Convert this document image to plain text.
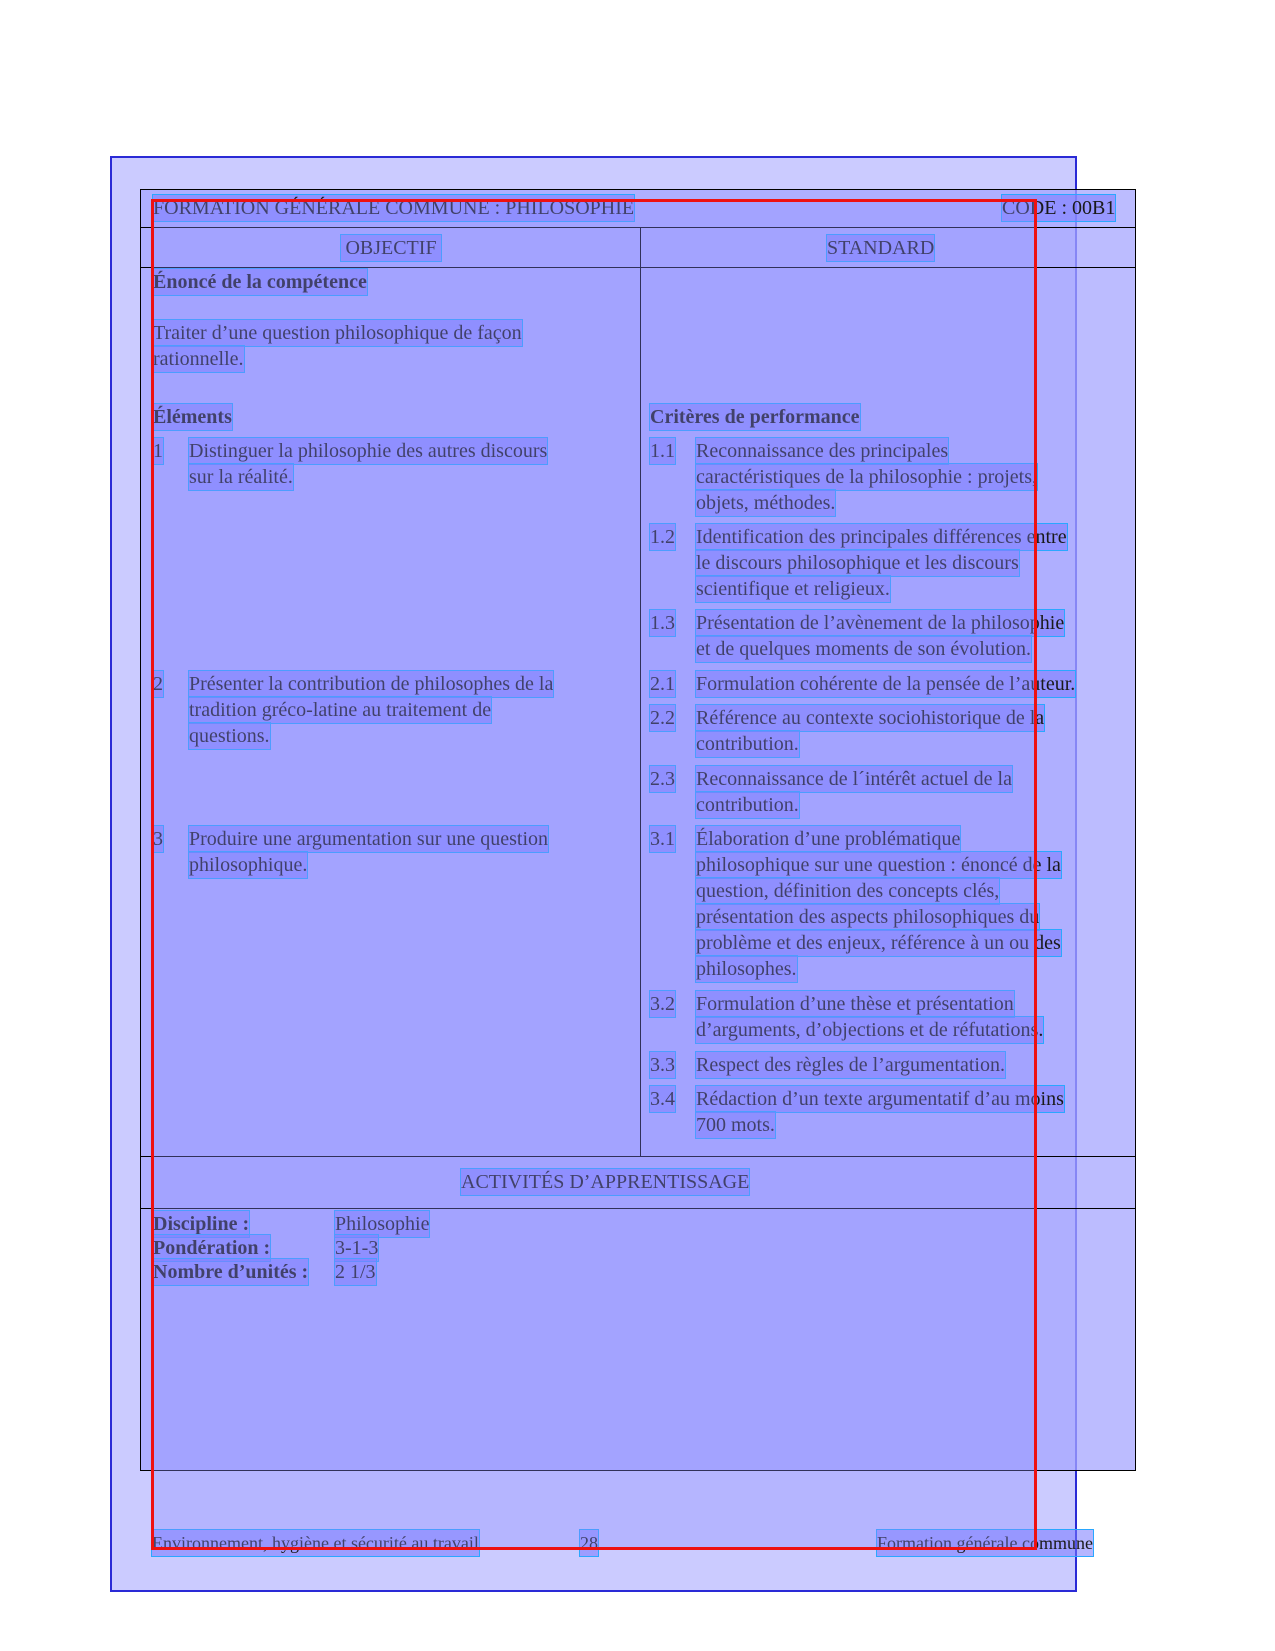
FORMATION GÉNÉRALE COMMUNE : PHILOSOPHIE	CODE : 00B1
OBJECTIF	STANDARD
Énoncé de la compétence
Traiter d’une question philosophique de façon
rationnelle.
Éléments	Critères de performance
1 Distinguer la philosophie des autres discours
sur la réalité.
1.1 Reconnaissance des principales
caractéristiques de la philosophie : projets,
objets, méthodes.
1.2 Identification des principales différences entre
le discours philosophique et les discours
scientifique et religieux.
1.3 Présentation de l’avènement de la philosophie
et de quelques moments de son évolution.
2 Présenter la contribution de philosophes de la
tradition gréco-latine au traitement de
questions.
2.1 Formulation cohérente de la pensée de l’auteur.
2.2 Référence au contexte sociohistorique de la
contribution.
2.3 Reconnaissance de l´intérêt actuel de la
contribution.
3 Produire une argumentation sur une question
philosophique.
3.1 Élaboration d’une problématique
philosophique sur une question : énoncé de la
question, définition des concepts clés,
présentation des aspects philosophiques du
problème et des enjeux, référence à un ou des
philosophes.
3.2 Formulation d’une thèse et présentation
d’arguments, d’objections et de réfutations.
3.3 Respect des règles de l’argumentation.
3.4 Rédaction d’un texte argumentatif d’au moins
700 mots.
ACTIVITÉS D’APPRENTISSAGE
Discipline :	Philosophie
Pondération :	3-1-3
Nombre d’unités : 2 1/3
Environnement, hygiène et sécurité au travail	28	Formation générale commune
